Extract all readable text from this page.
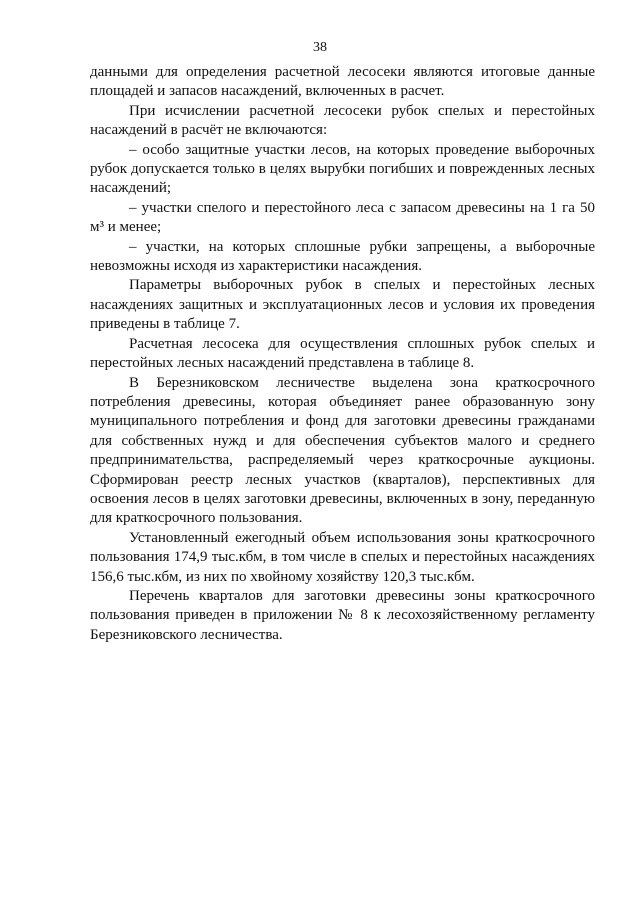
38

данными для определения расчетной лесосеки являются итоговые данные площадей и запасов насаждений, включенных в расчет.

При исчислении расчетной лесосеки рубок спелых и перестойных насаждений в расчёт не включаются:

– особо защитные участки лесов, на которых проведение выборочных рубок допускается только в целях вырубки погибших и поврежденных лесных насаждений;

– участки спелого и перестойного леса с запасом древесины на 1 га 50 м³ и менее;

– участки, на которых сплошные рубки запрещены, а выборочные невозможны исходя из характеристики насаждения.

Параметры выборочных рубок в спелых и перестойных лесных насаждениях защитных и эксплуатационных лесов и условия их проведения приведены в таблице 7.

Расчетная лесосека для осуществления сплошных рубок спелых и перестойных лесных насаждений представлена в таблице 8.

В Березниковском лесничестве выделена зона краткосрочного потребления древесины, которая объединяет ранее образованную зону муниципального потребления и фонд для заготовки древесины гражданами для собственных нужд и для обеспечения субъектов малого и среднего предпринимательства, распределяемый через краткосрочные аукционы. Сформирован реестр лесных участков (кварталов), перспективных для освоения лесов в целях заготовки древесины, включенных в зону, переданную для краткосрочного пользования.

Установленный ежегодный объем использования зоны краткосрочного пользования 174,9 тыс.кбм, в том числе в спелых и перестойных насаждениях 156,6 тыс.кбм, из них по хвойному хозяйству 120,3 тыс.кбм.

Перечень кварталов для заготовки древесины зоны краткосрочного пользования приведен в приложении № 8 к лесохозяйственному регламенту Березниковского лесничества.
